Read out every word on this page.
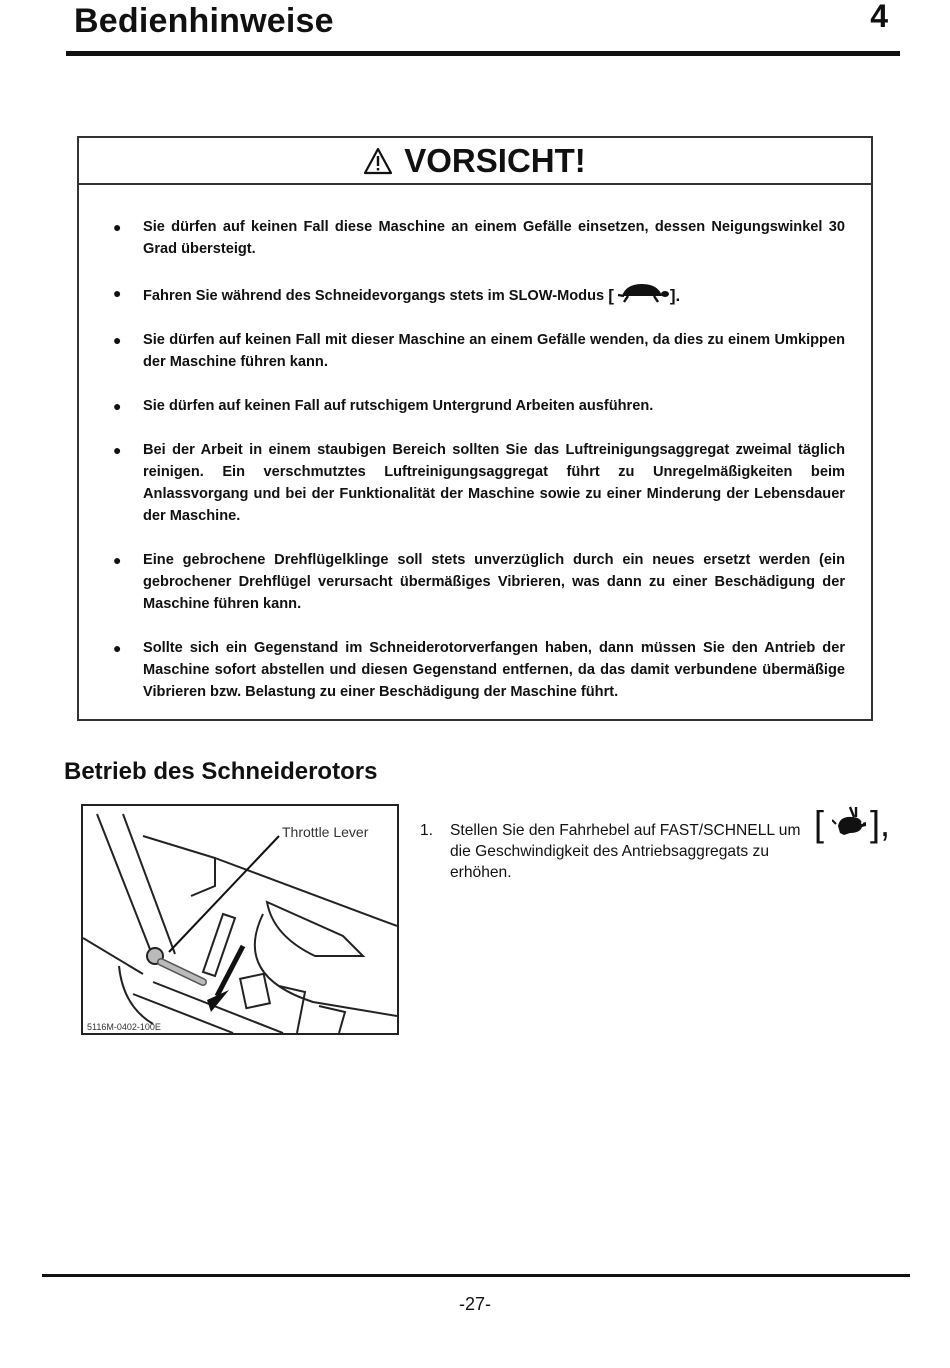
Bedienhinweise	4
VORSICHT!
● Sie dürfen auf keinen Fall diese Maschine an einem Gefälle einsetzen, dessen Neigungswinkel 30 Grad übersteigt.
● Fahren Sie während des Schneidevorgangs stets im SLOW-Modus [	].
● Sie dürfen auf keinen Fall mit dieser Maschine an einem Gefälle wenden, da dies zu einem Umkippen der Maschine führen kann.
● Sie dürfen auf keinen Fall auf rutschigem Untergrund Arbeiten ausführen.
● Bei der Arbeit in einem staubigen Bereich sollten Sie das Luftreinigungsaggregat zweimal täglich reinigen. Ein verschmutztes Luftreinigungsaggregat führt zu Unregelmäßigkeiten beim Anlassvorgang und bei der Funktionalität der Maschine sowie zu einer Minderung der Lebensdauer der Maschine.
● Eine gebrochene Drehflügelklinge soll stets unverzüglich durch ein neues ersetzt werden (ein gebrochener Drehflügel verursacht übermäßiges Vibrieren, was dann zu einer Beschädigung der Maschine führen kann.
● Sollte sich ein Gegenstand im Schneiderotorverfangen haben, dann müssen Sie den Antrieb der Maschine sofort abstellen und diesen Gegenstand entfernen, da das damit verbundene übermäßige Vibrieren bzw. Belastung zu einer Beschädigung der Maschine führt.
Betrieb des Schneiderotors
Throttle Lever
5116M-0402-100E
1. Stellen Sie den Fahrhebel auf FAST/SCHNELL um die Geschwindigkeit des Antriebsaggregats zu erhöhen.
[ ],
-27-
